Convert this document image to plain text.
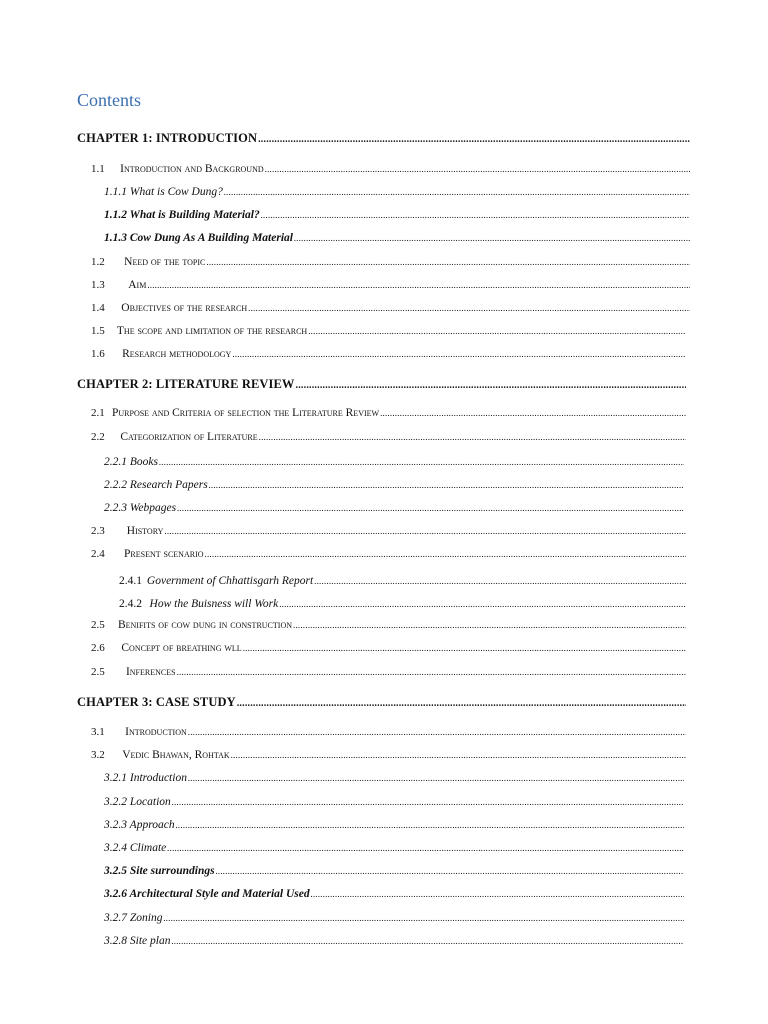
Contents
CHAPTER 1: INTRODUCTION
.....
1.1	Introduction and Background
.....
1.1.1 What is Cow Dung?
.....
1.1.2 What is Building Material?
.....
1.1.3 Cow Dung As A Building Material
.....
1.2	Need of the topic
.....
1.3	Aim
.....
1.4	Objectives of the research
.....
1.5	The scope and limitation of the research
.....
1.6	Research methodology
.....
CHAPTER 2: LITERATURE REVIEW
.....
2.1 Purpose and Criteria of selection the Literature Review
.....
2.2	Categorization of Literature
.....
2.2.1 Books
.....
2.2.2 Research Papers
.....
2.2.3 Webpages
.....
2.3	History
.....
2.4	Present scenario
.....
2.4.1 Government of Chhattisgarh Report
.....
2.4.2 How the Buisness will Work
.....
2.5	Benifits of cow dung in construction
.....
2.6	Concept of breathing wll
.....
2.5	Inferences
.....
CHAPTER 3: CASE STUDY
.....
3.1	Introduction
.....
3.2	Vedic Bhawan, Rohtak
.....
3.2.1 Introduction
.....
3.2.2 Location
.....
3.2.3 Approach
.....
3.2.4 Climate
.....
3.2.5 Site surroundings
.....
3.2.6 Architectural Style and Material Used
.....
3.2.7 Zoning
.....
3.2.8 Site plan
.....
